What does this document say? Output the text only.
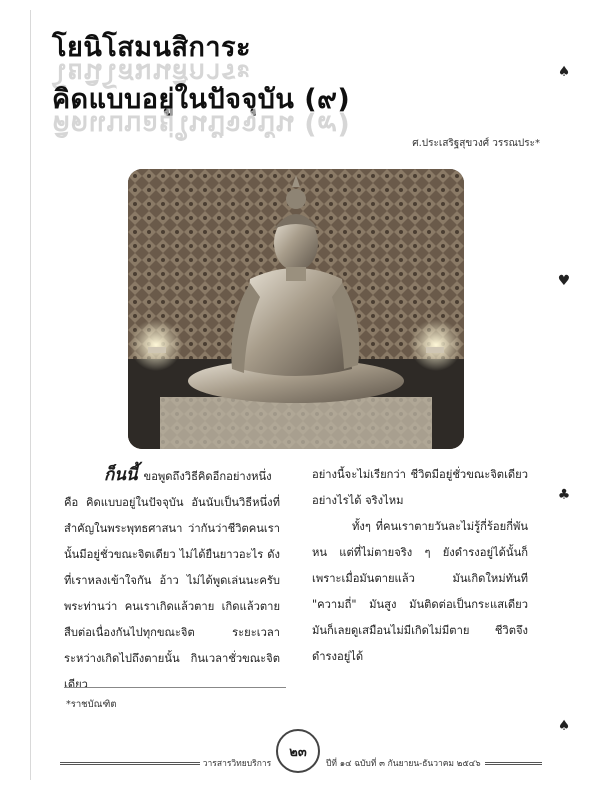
โยนิโสมนสิการะ
โยนิโสมนสิการะ
คิดแบบอยู่ในปัจจุบัน (๙)
คิดแบบอยู่ในปัจจุบัน (๙)
ศ.ประเสริฐสุขวงศ์ วรรณประ*

ก็นนี้ ขอพูดถึงวิธีคิดอีกอย่างหนึ่ง คือ คิดแบบอยู่ในปัจจุบัน อันนับเป็นวิธีหนึ่งที่สำคัญในพระพุทธศาสนา ว่ากันว่าชีวิตคนเรานั้นมีอยู่ชั่วขณะจิตเดียว ไม่ได้ยืนยาวอะไร ดังที่เราหลงเข้าใจกัน อ้าว ไม่ได้พูดเล่นนะครับ พระท่านว่า คนเราเกิดแล้วตาย เกิดแล้วตายสืบต่อเนื่องกันไปทุกขณะจิต ระยะเวลาระหว่างเกิดไปถึงตายนั้น กินเวลาชั่วขณะจิตเดียว

อย่างนี้จะไม่เรียกว่า ชีวิตมีอยู่ชั่วขณะจิตเดียว อย่างไรได้ จริงไหม

ทั้งๆ ที่คนเราตายวันละไม่รู้กี่ร้อยกี่พันหน แต่ที่ไม่ตายจริง ๆ ยังดำรงอยู่ได้นั้นก็เพราะเมื่อมันตายแล้ว มันเกิดใหม่ทันที "ความถี่" มันสูง มันติดต่อเป็นกระแสเดียว มันก็เลยดูเสมือนไม่มีเกิดไม่มีตาย ชีวิตจึงดำรงอยู่ได้

*ราชบัณฑิต
วารสารวิทยบริการ
๒๓
ปีที่ ๑๔ ฉบับที่ ๓ กันยายน-ธันวาคม ๒๕๔๖
♠
♥
♣
♠
